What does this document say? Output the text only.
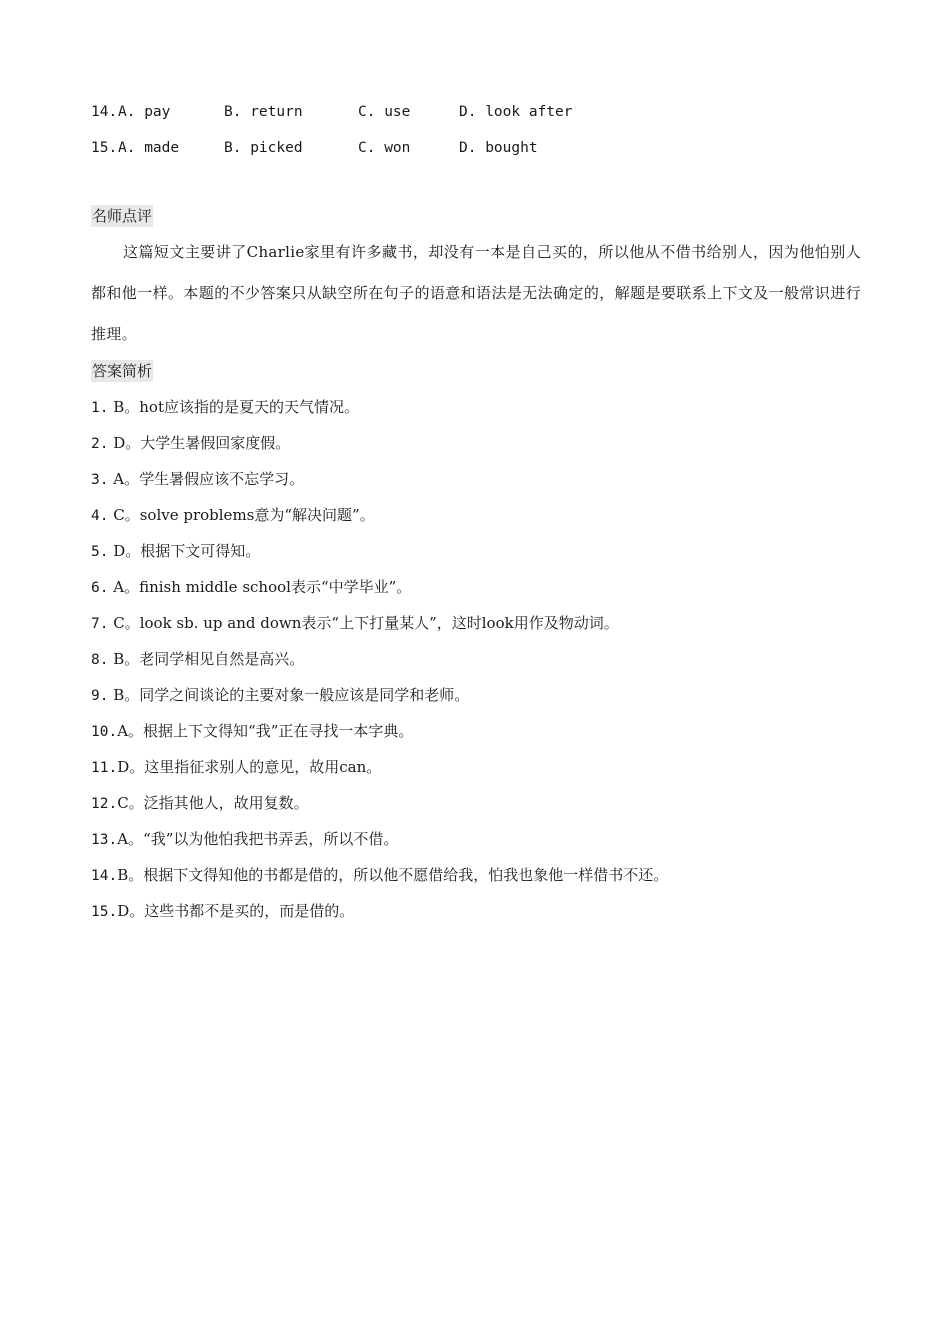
14. A. pay	B. return	C. use	D. look after
15. A. made	B. picked	C. won	D. bought
名师点评
这篇短文主要讲了Charlie家里有许多藏书，却没有一本是自己买的，所以他从不借书给别人，因为他怕别人都和他一样。本题的不少答案只从缺空所在句子的语意和语法是无法确定的，解题是要联系上下文及一般常识进行推理。
答案简析
1. B。hot应该指的是夏天的天气情况。
2. D。大学生暑假回家度假。
3. A。学生暑假应该不忘学习。
4. C。solve problems意为“解决问题”。
5. D。根据下文可得知。
6. A。finish middle school表示“中学毕业”。
7. C。look sb. up and down表示“上下打量某人”，这时look用作及物动词。
8. B。老同学相见自然是高兴。
9. B。同学之间谈论的主要对象一般应该是同学和老师。
10.A。根据上下文得知“我”正在寻找一本字典。
11.D。这里指征求别人的意见，故用can。
12.C。泛指其他人，故用复数。
13.A。“我”以为他怕我把书弄丢，所以不借。
14.B。根据下文得知他的书都是借的，所以他不愿借给我，怕我也象他一样借书不还。
15.D。这些书都不是买的，而是借的。
